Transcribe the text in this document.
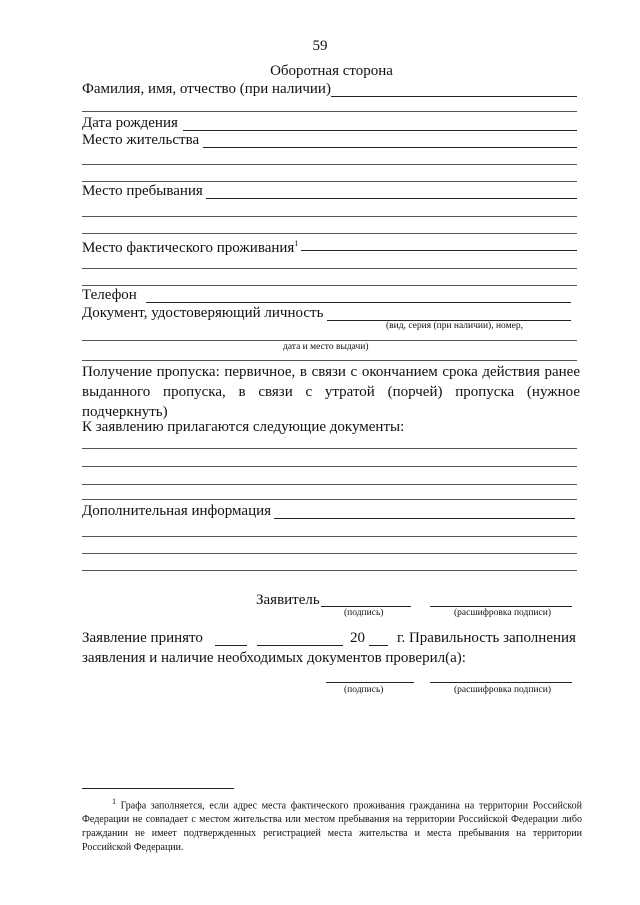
59
Оборотная сторона
Фамилия, имя, отчество (при наличии)
Дата рождения
Место жительства
Место пребывания
Место фактического проживания$^1$
Телефон
Документ, удостоверяющий личность
(вид, серия (при наличии), номер,
дата и место выдачи)
Получение пропуска: первичное, в связи с окончанием срока действия ранее выданного пропуска, в связи с утратой (порчей) пропуска (нужное подчеркнуть)
К заявлению прилагаются следующие документы:
Дополнительная информация
Заявитель
(подпись)	(расшифровка подписи)
Заявление принято	20 г. Правильность заполнения
заявления и наличие необходимых документов проверил(а):
(подпись)	(расшифровка подписи)
$^1$ Графа заполняется, если адрес места фактического проживания гражданина на территории Российской Федерации не совпадает с местом жительства или местом пребывания на территории Российской Федерации либо гражданин не имеет подтвержденных регистрацией места жительства и места пребывания на территории Российской Федерации.
